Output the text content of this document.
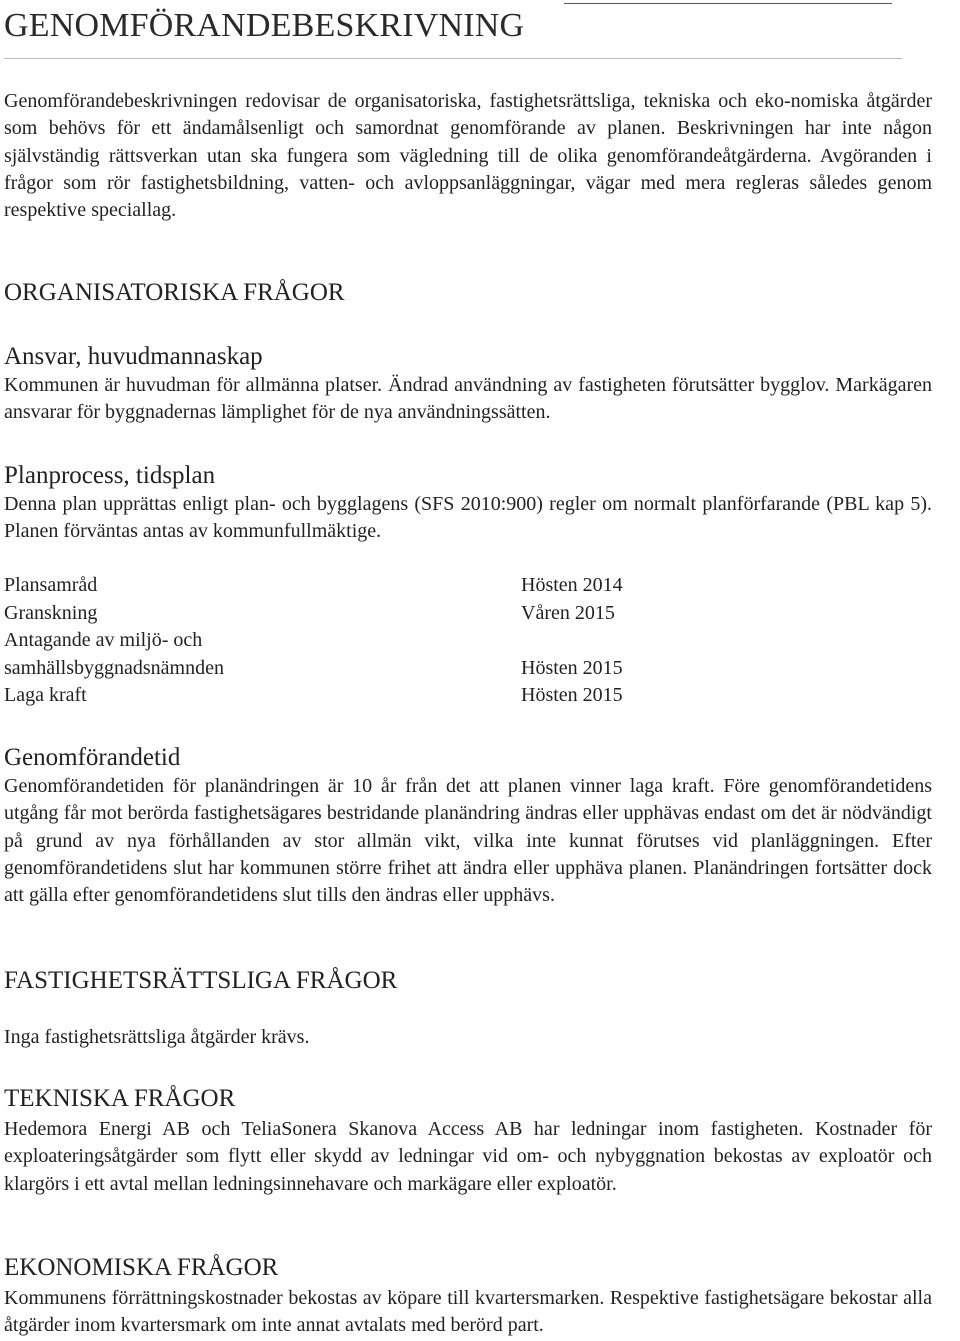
GENOMFÖRANDEBESKRIVNING

Genomförandebeskrivningen redovisar de organisatoriska, fastighetsrättsliga, tekniska och eko-nomiska åtgärder som behövs för ett ändamålsenligt och samordnat genomförande av planen. Beskrivningen har inte någon självständig rättsverkan utan ska fungera som vägledning till de olika genomförandeåtgärderna. Avgöranden i frågor som rör fastighetsbildning, vatten- och avloppsanläggningar, vägar med mera regleras således genom respektive speciallag.

ORGANISATORISKA FRÅGOR
Ansvar, huvudmannaskap

Kommunen är huvudman för allmänna platser. Ändrad användning av fastigheten förutsätter bygglov. Markägaren ansvarar för byggnadernas lämplighet för de nya användningssätten.

Planprocess, tidsplan

Denna plan upprättas enligt plan- och bygglagens (SFS 2010:900) regler om normalt planförfarande (PBL kap 5). Planen förväntas antas av kommunfullmäktige.

Plansamråd	Hösten 2014
Granskning	Våren 2015
Antagande av miljö- och
samhällsbyggnadsnämnden	Hösten 2015
Laga kraft	Hösten 2015
Genomförandetid

Genomförandetiden för planändringen är 10 år från det att planen vinner laga kraft. Före genomförandetidens utgång får mot berörda fastighetsägares bestridande planändring ändras eller upphävas endast om det är nödvändigt på grund av nya förhållanden av stor allmän vikt, vilka inte kunnat förutses vid planläggningen. Efter genomförandetidens slut har kommunen större frihet att ändra eller upphäva planen. Planändringen fortsätter dock att gälla efter genomförandetidens slut tills den ändras eller upphävs.

FASTIGHETSRÄTTSLIGA FRÅGOR

Inga fastighetsrättsliga åtgärder krävs.

TEKNISKA FRÅGOR

Hedemora Energi AB och TeliaSonera Skanova Access AB har ledningar inom fastigheten. Kostnader för exploateringsåtgärder som flytt eller skydd av ledningar vid om- och nybyggnation bekostas av exploatör och klargörs i ett avtal mellan ledningsinnehavare och markägare eller exploatör.

EKONOMISKA FRÅGOR

Kommunens förrättningskostnader bekostas av köpare till kvartersmarken. Respektive fastighetsägare bekostar alla åtgärder inom kvartersmark om inte annat avtalats med berörd part.
